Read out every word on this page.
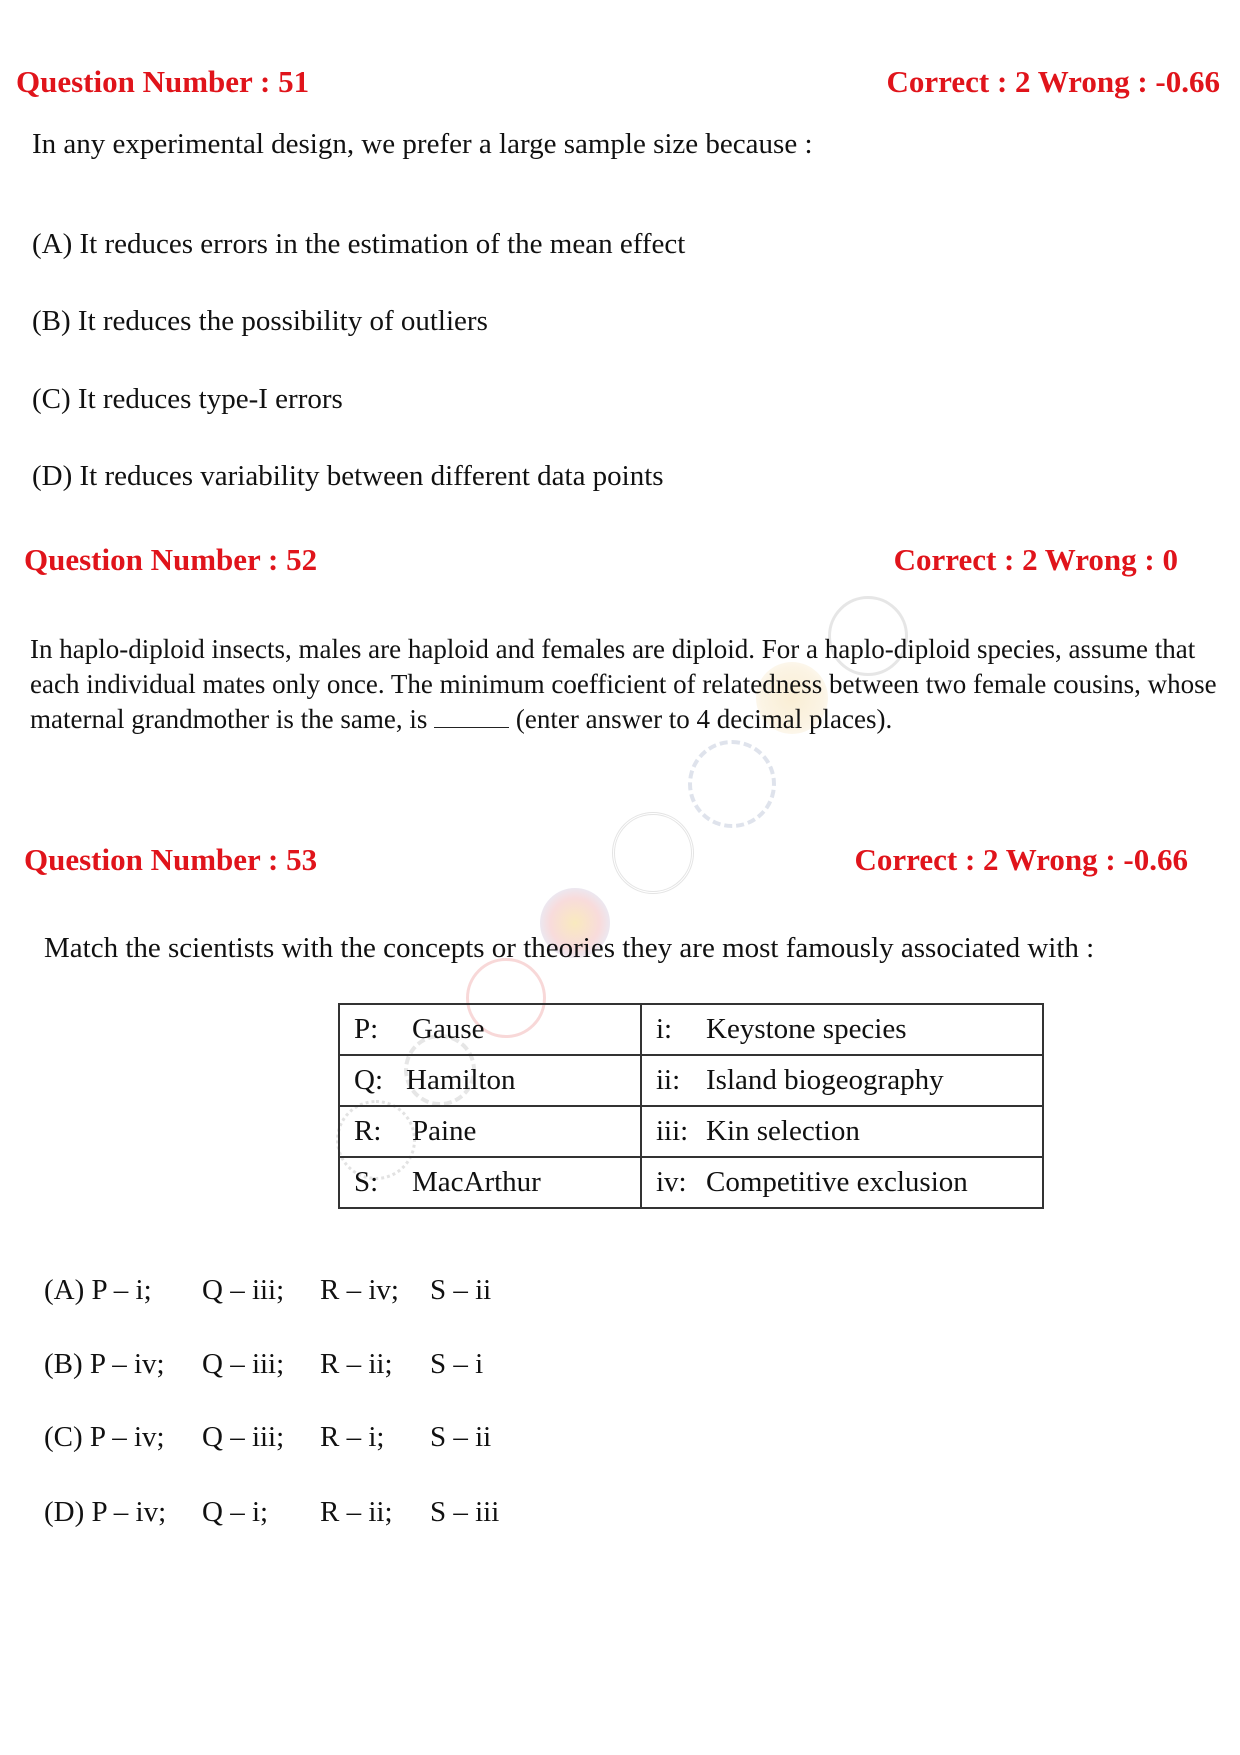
Question Number : 51	Correct : 2 Wrong : -0.66
In any experimental design, we prefer a large sample size because :
(A) It reduces errors in the estimation of the mean effect
(B) It reduces the possibility of outliers
(C) It reduces type-I errors
(D) It reduces variability between different data points
Question Number : 52	Correct : 2 Wrong : 0
In haplo-diploid insects, males are haploid and females are diploid. For a haplo-diploid species, assume that each individual mates only once. The minimum coefficient of relatedness between two female cousins, whose maternal grandmother is the same, is	(enter answer to 4 decimal places).
Question Number : 53	Correct : 2 Wrong : -0.66
Match the scientists with the concepts or theories they are most famously associated with :
P: Gause	i: Keystone species
Q: Hamilton	ii: Island biogeography
R: Paine	iii: Kin selection
S: MacArthur	iv: Competitive exclusion
(A) P – i; Q – iii; R – iv; S – ii
(B) P – iv; Q – iii; R – ii; S – i
(C) P – iv; Q – iii; R – i; S – ii
(D) P – iv; Q – i; R – ii; S – iii
